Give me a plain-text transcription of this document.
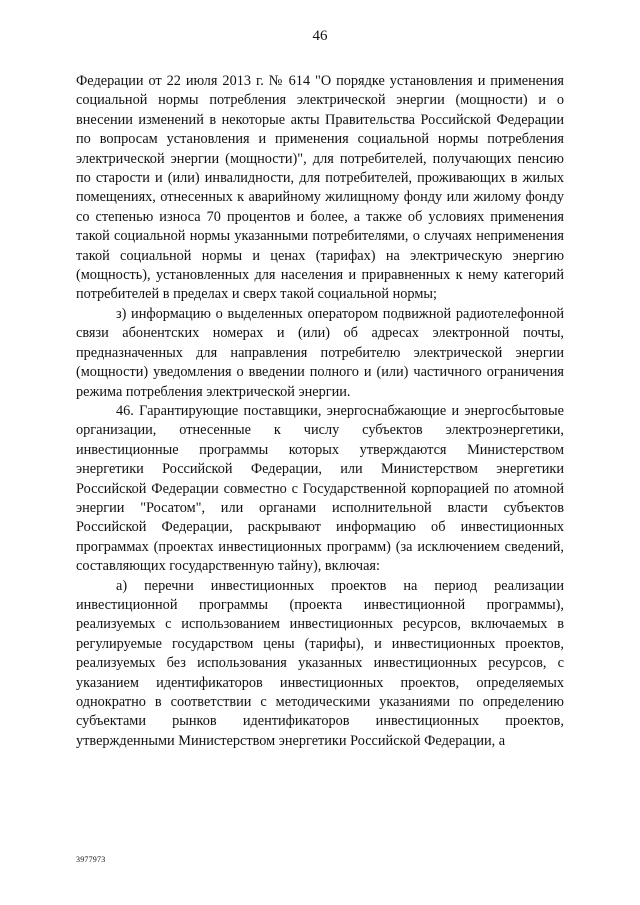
46

Федерации от 22 июля 2013 г. № 614 "О порядке установления и применения социальной нормы потребления электрической энергии (мощности) и о внесении изменений в некоторые акты Правительства Российской Федерации по вопросам установления и применения социальной нормы потребления электрической энергии (мощности)", для потребителей, получающих пенсию по старости и (или) инвалидности, для потребителей, проживающих в жилых помещениях, отнесенных к аварийному жилищному фонду или жилому фонду со степенью износа 70 процентов и более, а также об условиях применения такой социальной нормы указанными потребителями, о случаях неприменения такой социальной нормы и ценах (тарифах) на электрическую энергию (мощность), установленных для населения и приравненных к нему категорий потребителей в пределах и сверх такой социальной нормы;

з) информацию о выделенных оператором подвижной радиотелефонной связи абонентских номерах и (или) об адресах электронной почты, предназначенных для направления потребителю электрической энергии (мощности) уведомления о введении полного и (или) частичного ограничения режима потребления электрической энергии.

46. Гарантирующие поставщики, энергоснабжающие и энергосбытовые организации, отнесенные к числу субъектов электроэнергетики, инвестиционные программы которых утверждаются Министерством энергетики Российской Федерации, или Министерством энергетики Российской Федерации совместно с Государственной корпорацией по атомной энергии "Росатом", или органами исполнительной власти субъектов Российской Федерации, раскрывают информацию об инвестиционных программах (проектах инвестиционных программ) (за исключением сведений, составляющих государственную тайну), включая:

а) перечни инвестиционных проектов на период реализации инвестиционной программы (проекта инвестиционной программы), реализуемых с использованием инвестиционных ресурсов, включаемых в регулируемые государством цены (тарифы), и инвестиционных проектов, реализуемых без использования указанных инвестиционных ресурсов, с указанием идентификаторов инвестиционных проектов, определяемых однократно в соответствии с методическими указаниями по определению субъектами рынков идентификаторов инвестиционных проектов, утвержденными Министерством энергетики Российской Федерации, а

3977973
